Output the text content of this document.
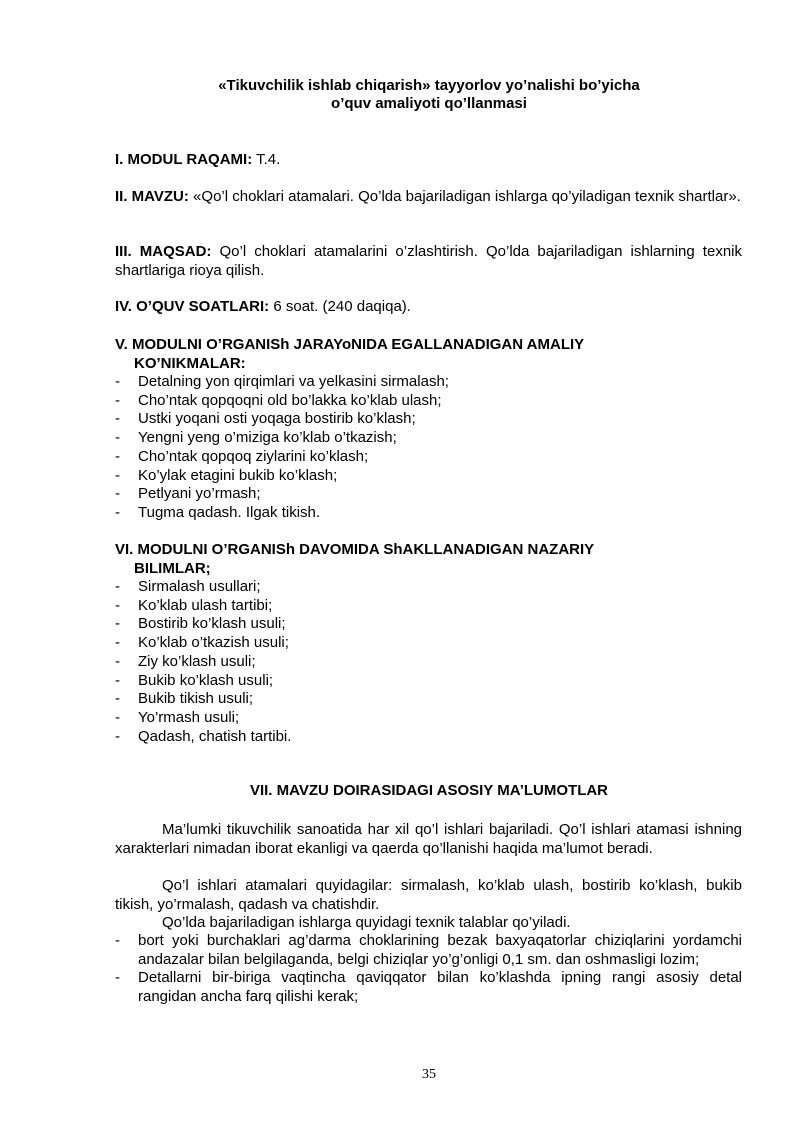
«Tikuvchilik ishlab chiqarish» tayyorlov yo’nalishi bo’yicha
o’quv amaliyoti qo’llanmasi
I. MODUL RAQAMI: T.4.
II. MAVZU: «Qo’l choklari atamalari. Qo’lda bajariladigan ishlarga qo’yiladigan texnik shartlar».
III. MAQSAD: Qo’l choklari atamalarini o’zlashtirish. Qo’lda bajariladigan ishlarning texnik shartlariga rioya qilish.
IV. O’QUV SOATLARI: 6 soat. (240 daqiqa).
V. MODULNI O’RGANISh JARAYoNIDA EGALLANADIGAN AMALIY
KO’NIKMALAR:
- Detalning yon qirqimlari va yelkasini sirmalash;
- Cho’ntak qopqoqni old bo’lakka ko’klab ulash;
- Ustki yoqani osti yoqaga bostirib ko’klash;
- Yengni yeng o’miziga ko’klab o’tkazish;
- Cho’ntak qopqoq ziylarini ko’klash;
- Ko’ylak etagini bukib ko’klash;
- Petlyani yo’rmash;
- Tugma qadash. Ilgak tikish.
VI. MODULNI O’RGANISh DAVOMIDA ShAKLLANADIGAN NAZARIY
BILIMLAR;
- Sirmalash usullari;
- Ko’klab ulash tartibi;
- Bostirib ko’klash usuli;
- Ko’klab o’tkazish usuli;
- Ziy ko’klash usuli;
- Bukib ko’klash usuli;
- Bukib tikish usuli;
- Yo’rmash usuli;
- Qadash, chatish tartibi.
VII. MAVZU DOIRASIDAGI ASOSIY MA’LUMOTLAR
Ma’lumki tikuvchilik sanoatida har xil qo’l ishlari bajariladi. Qo’l ishlari atamasi ishning xarakterlari nimadan iborat ekanligi va qaerda qo’llanishi haqida ma’lumot beradi.
Qo’l ishlari atamalari quyidagilar: sirmalash, ko’klab ulash, bostirib ko’klash, bukib tikish, yo’rmalash, qadash va chatishdir.
Qo’lda bajariladigan ishlarga quyidagi texnik talablar qo’yiladi.
- bort yoki burchaklari ag’darma choklarining bezak baxyaqatorlar chiziqlarini yordamchi andazalar bilan belgilaganda, belgi chiziqlar yo’g’onligi 0,1 sm. dan oshmasligi lozim;
- Detallarni bir-biriga vaqtincha qaviqqator bilan ko’klashda ipning rangi asosiy detal rangidan ancha farq qilishi kerak;
35
